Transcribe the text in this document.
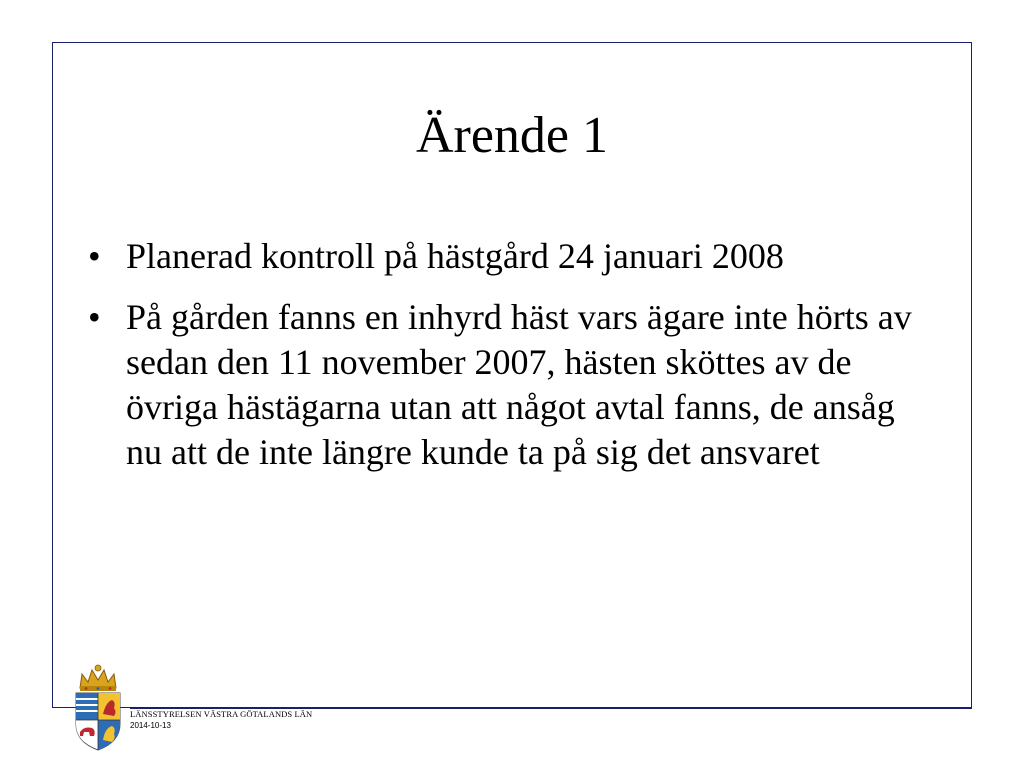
Ärende 1
• Planerad kontroll på hästgård 24 januari 2008
• På gården fanns en inhyrd häst vars ägare inte hörts av sedan den 11 november 2007, hästen sköttes av de övriga hästägarna utan att något avtal fanns, de ansåg nu att de inte längre kunde ta på sig det ansvaret
LÄNSSTYRELSEN VÄSTRA GÖTALANDS LÄN
2014-10-13
